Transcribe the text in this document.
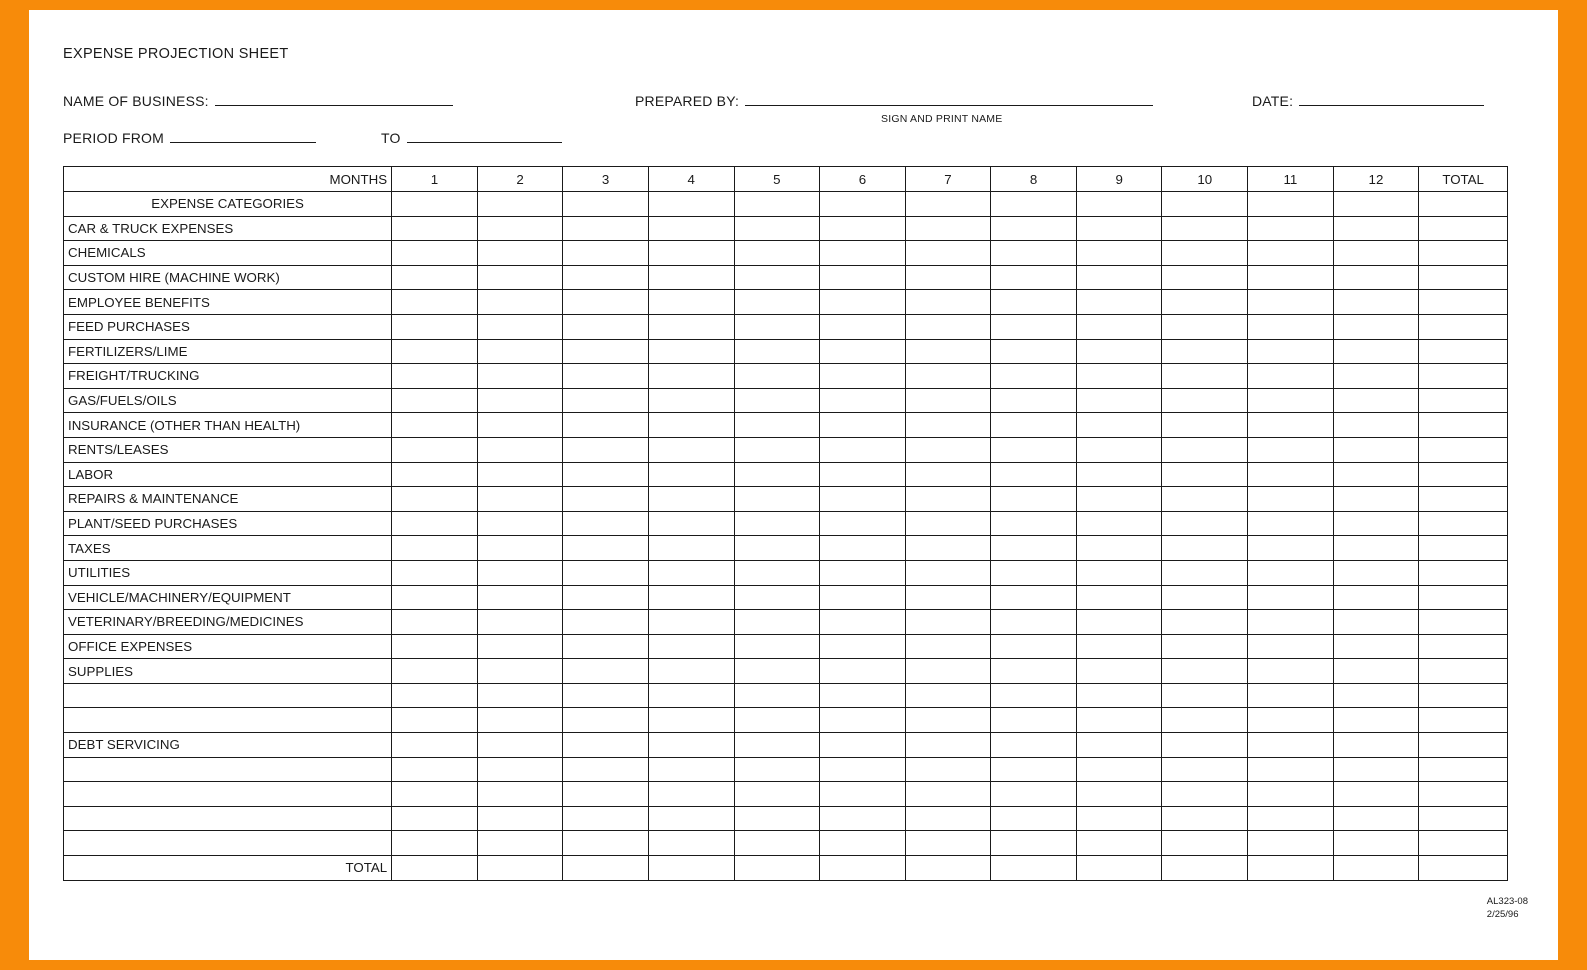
EXPENSE PROJECTION SHEET
NAME OF BUSINESS:	PREPARED BY:
SIGN AND PRINT NAME
DATE:
PERIOD FROM	TO
MONTHS	1	2	3	4	5	6	7	8	9	10	11	12	TOTAL
EXPENSE CATEGORIES													
CAR & TRUCK EXPENSES													
CHEMICALS													
CUSTOM HIRE (MACHINE WORK)													
EMPLOYEE BENEFITS													
FEED PURCHASES													
FERTILIZERS/LIME													
FREIGHT/TRUCKING													
GAS/FUELS/OILS													
INSURANCE (OTHER THAN HEALTH)													
RENTS/LEASES													
LABOR													
REPAIRS & MAINTENANCE													
PLANT/SEED PURCHASES													
TAXES													
UTILITIES													
VEHICLE/MACHINERY/EQUIPMENT													
VETERINARY/BREEDING/MEDICINES													
OFFICE EXPENSES													
SUPPLIES													

DEBT SERVICING													

TOTAL													
AL323-08
2/25/96
